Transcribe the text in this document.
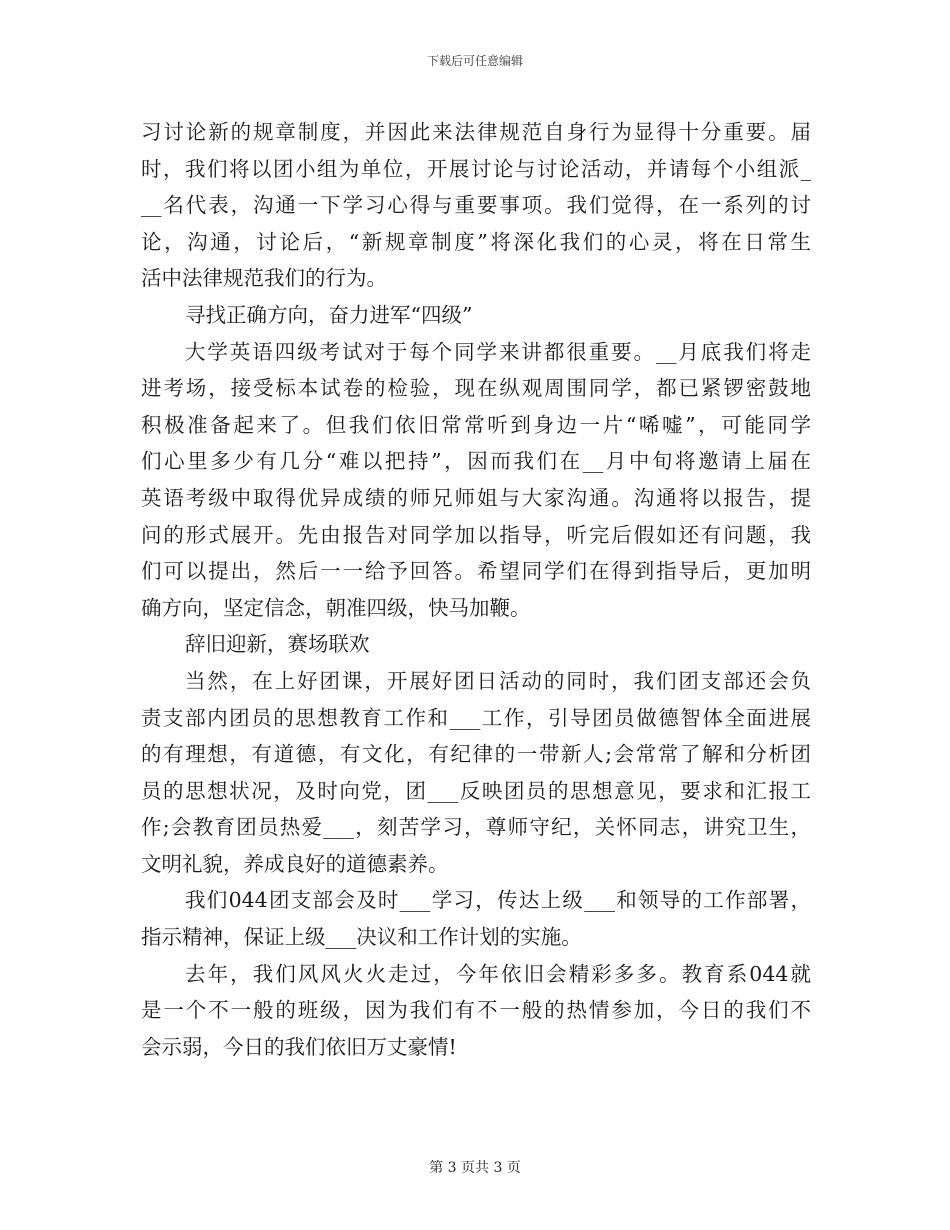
下载后可任意编辑
习讨论新的规章制度，并因此来法律规范自身行为显得十分重要。届
时，我们将以团小组为单位，开展讨论与讨论活动，并请每个小组派_
__名代表，沟通一下学习心得与重要事项。我们觉得，在一系列的讨
论，沟通，讨论后，“新规章制度”将深化我们的心灵，将在日常生
活中法律规范我们的行为。
寻找正确方向，奋力进军“四级”
大学英语四级考试对于每个同学来讲都很重要。__月底我们将走
进考场，接受标本试卷的检验，现在纵观周围同学，都已紧锣密鼓地
积极准备起来了。但我们依旧常常听到身边一片“唏嘘”，可能同学
们心里多少有几分“难以把持”，因而我们在__月中旬将邀请上届在
英语考级中取得优异成绩的师兄师姐与大家沟通。沟通将以报告，提
问的形式展开。先由报告对同学加以指导，听完后假如还有问题，我
们可以提出，然后一一给予回答。希望同学们在得到指导后，更加明
确方向，坚定信念，朝准四级，快马加鞭。
辞旧迎新，赛场联欢
当然，在上好团课，开展好团日活动的同时，我们团支部还会负
责支部内团员的思想教育工作和___工作，引导团员做德智体全面进展
的有理想，有道德，有文化，有纪律的一带新人;会常常了解和分析团
员的思想状况，及时向党，团___反映团员的思想意见，要求和汇报工
作;会教育团员热爱___，刻苦学习，尊师守纪，关怀同志，讲究卫生，
文明礼貌，养成良好的道德素养。
我们044团支部会及时___学习，传达上级___和领导的工作部署，
指示精神，保证上级___决议和工作计划的实施。
去年，我们风风火火走过，今年依旧会精彩多多。教育系044就
是一个不一般的班级，因为我们有不一般的热情参加，今日的我们不
会示弱，今日的我们依旧万丈豪情!
第 3 页共 3 页
